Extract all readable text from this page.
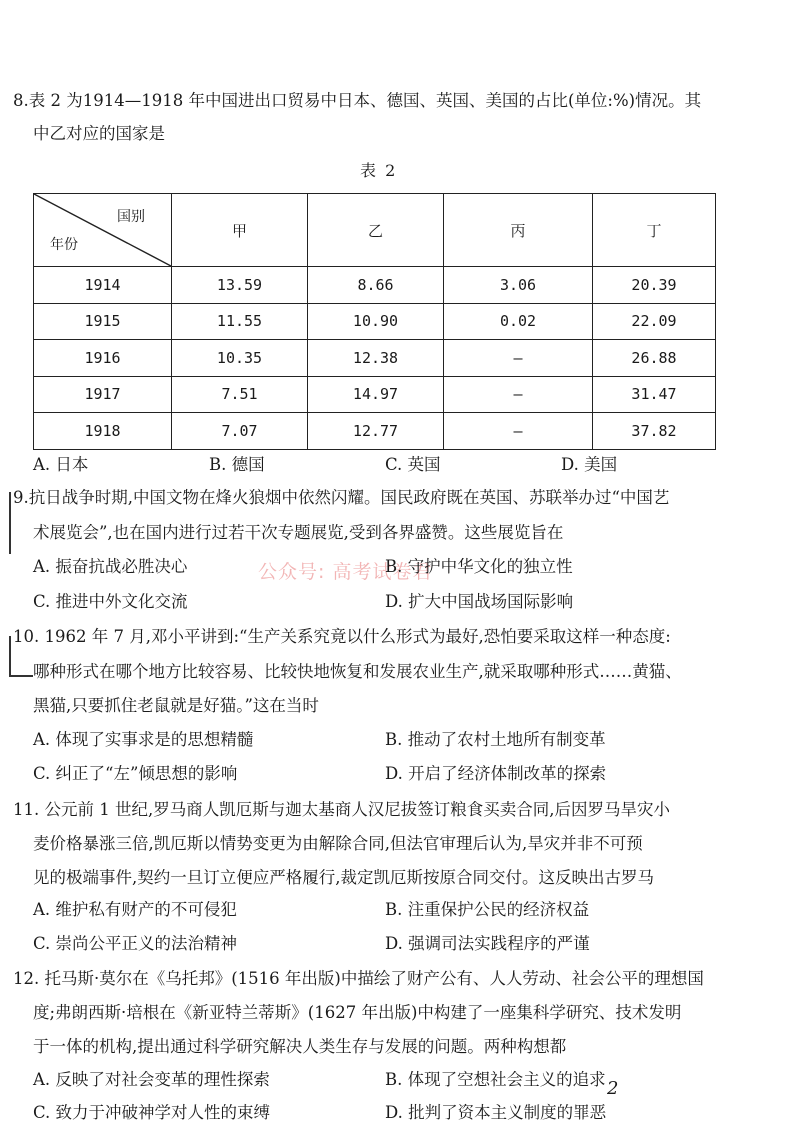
8.表 2 为1914—1918 年中国进出口贸易中日本、德国、英国、美国的占比(单位:%)情况。其
中乙对应的国家是
表 2
国别
年份	甲	乙	丙	丁
1914	13.59	8.66	3.06	20.39
1915	11.55	10.90	0.02	22.09
1916	10.35	12.38	—	26.88
1917	7.51	14.97	—	31.47
1918	7.07	12.77	—	37.82
A. 日本	B. 德国	C. 英国	D. 美国
9.抗日战争时期,中国文物在烽火狼烟中依然闪耀。国民政府既在英国、苏联举办过“中国艺
术展览会”,也在国内进行过若干次专题展览,受到各界盛赞。这些展览旨在
公众号: 高考试卷君
A. 振奋抗战必胜决心	B. 守护中华文化的独立性
C. 推进中外文化交流	D. 扩大中国战场国际影响
10. 1962 年 7 月,邓小平讲到:“生产关系究竟以什么形式为最好,恐怕要采取这样一种态度:
哪种形式在哪个地方比较容易、比较快地恢复和发展农业生产,就采取哪种形式……黄猫、
黑猫,只要抓住老鼠就是好猫。”这在当时
A. 体现了实事求是的思想精髓	B. 推动了农村土地所有制变革
C. 纠正了“左”倾思想的影响	D. 开启了经济体制改革的探索
11. 公元前 1 世纪,罗马商人凯厄斯与迦太基商人汉尼拔签订粮食买卖合同,后因罗马旱灾小
麦价格暴涨三倍,凯厄斯以情势变更为由解除合同,但法官审理后认为,旱灾并非不可预
见的极端事件,契约一旦订立便应严格履行,裁定凯厄斯按原合同交付。这反映出古罗马
A. 维护私有财产的不可侵犯	B. 注重保护公民的经济权益
C. 崇尚公平正义的法治精神	D. 强调司法实践程序的严谨
12. 托马斯·莫尔在《乌托邦》(1516 年出版)中描绘了财产公有、人人劳动、社会公平的理想国
度;弗朗西斯·培根在《新亚特兰蒂斯》(1627 年出版)中构建了一座集科学研究、技术发明
于一体的机构,提出通过科学研究解决人类生存与发展的问题。两种构想都
A. 反映了对社会变革的理性探索	B. 体现了空想社会主义的追求 2
C. 致力于冲破神学对人性的束缚	D. 批判了资本主义制度的罪恶
